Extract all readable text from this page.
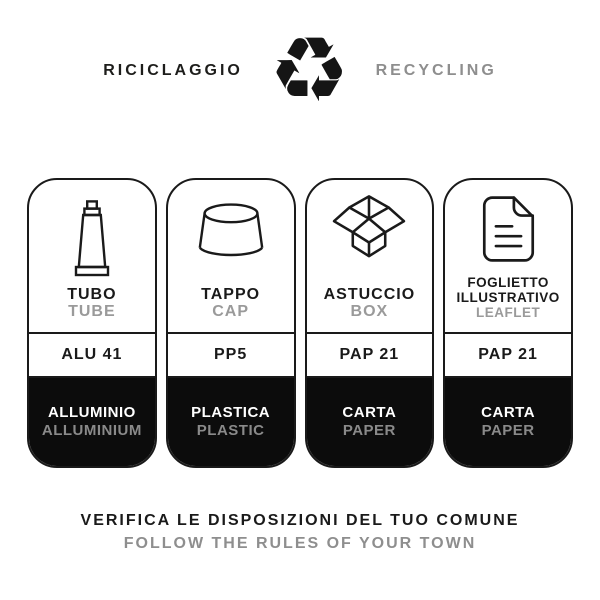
RICICLAGGIO ♻ RECYCLING
TUBO
TUBE
ALU 41
ALLUMINIO
ALLUMINIUM
TAPPO
CAP
PP5
PLASTICA
PLASTIC
ASTUCCIO
BOX
PAP 21
CARTA
PAPER
FOGLIETTO ILLUSTRATIVO
LEAFLET
PAP 21
CARTA
PAPER
VERIFICA LE DISPOSIZIONI DEL TUO COMUNE
FOLLOW THE RULES OF YOUR TOWN
